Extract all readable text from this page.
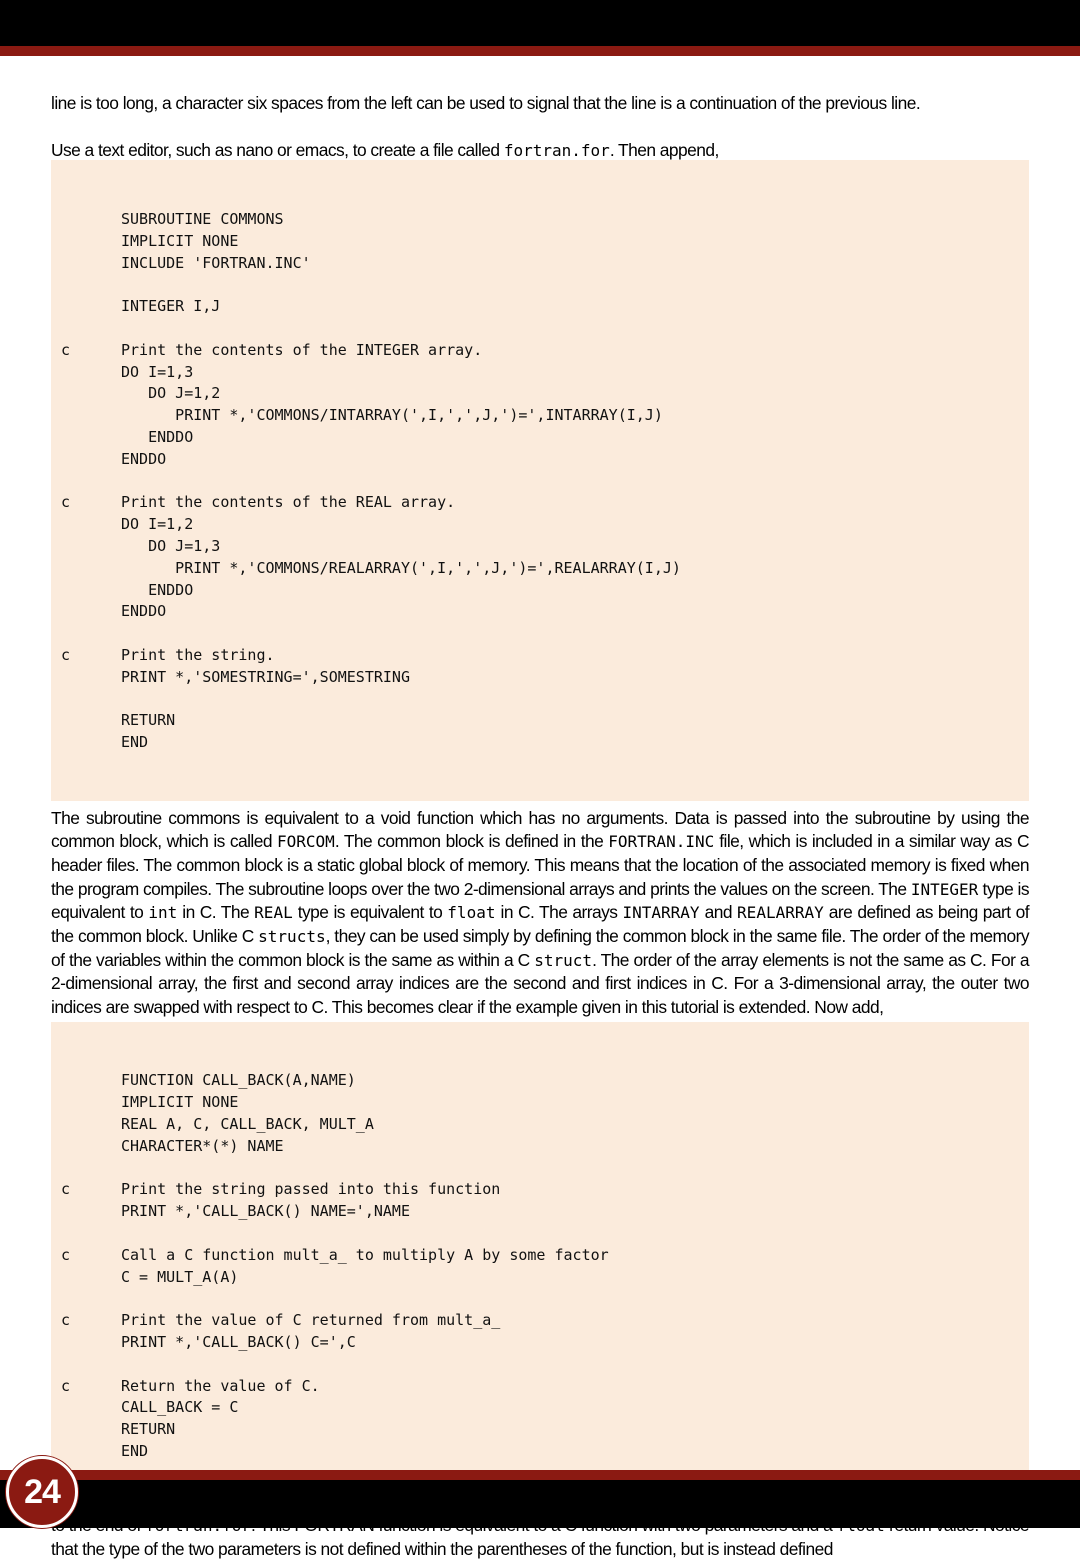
line is too long, a character six spaces from the left can be used to signal that the line is a continuation of the previous line.

Use a text editor, such as nano or emacs, to create a file called fortran.for. Then append,

SUBROUTINE COMMONS
IMPLICIT NONE
INCLUDE 'FORTRAN.INC'
INTEGER I,J
c	Print the contents of the INTEGER array.
DO I=1,3
DO J=1,2
PRINT *,'COMMONS/INTARRAY(',I,',',J,')=',INTARRAY(I,J)
ENDDO
ENDDO
c	Print the contents of the REAL array.
DO I=1,2
DO J=1,3
PRINT *,'COMMONS/REALARRAY(',I,',',J,')=',REALARRAY(I,J)
ENDDO
ENDDO
c	Print the string.
PRINT *,'SOMESTRING=',SOMESTRING
RETURN
END

The subroutine commons is equivalent to a void function which has no arguments. Data is passed into the subroutine by using the common block, which is called FORCOM. The common block is defined in the FORTRAN.INC file, which is included in a similar way as C header files. The common block is a static global block of memory. This means that the location of the associated memory is fixed when the program compiles. The subroutine loops over the two 2-dimensional arrays and prints the values on the screen. The INTEGER type is equivalent to int in C. The REAL type is equivalent to float in C. The arrays INTARRAY and REALARRAY are defined as being part of the common block. Unlike C structs, they can be used simply by defining the common block in the same file. The order of the memory of the variables within the common block is the same as within a C struct. The order of the array elements is not the same as C. For a 2-dimensional array, the first and second array indices are the second and first indices in C. For a 3-dimensional array, the outer two indices are swapped with respect to C. This becomes clear if the example given in this tutorial is extended. Now add,

FUNCTION CALL_BACK(A,NAME)
IMPLICIT NONE
REAL A, C, CALL_BACK, MULT_A
CHARACTER*(*) NAME
c	Print the string passed into this function
PRINT *,'CALL_BACK() NAME=',NAME
c	Call a C function mult_a_ to multiply A by some factor
C = MULT_A(A)
c	Print the value of C returned from mult_a_
PRINT *,'CALL_BACK() C=',C
c	Return the value of C.
CALL_BACK = C
RETURN
END

that the type of the two parameters is not defined within the parentheses of the function, but is instead defined

24
